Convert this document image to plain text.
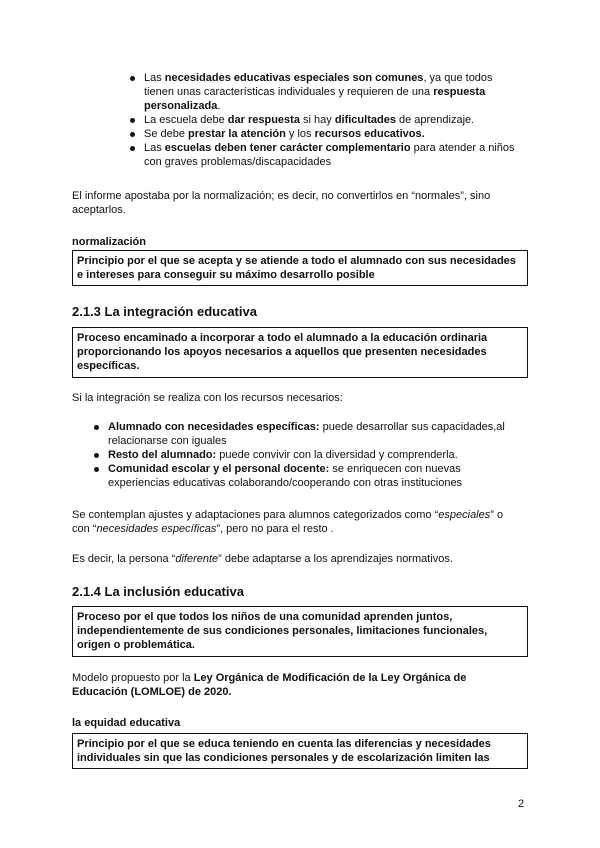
Las necesidades educativas especiales son comunes, ya que todos tienen unas características individuales y requieren de una respuesta personalizada.
La escuela debe dar respuesta si hay dificultades de aprendizaje.
Se debe prestar la atención y los recursos educativos.
Las escuelas deben tener carácter complementario para atender a niños con graves problemas/discapacidades

El informe apostaba por la normalización; es decir, no convertirlos en “normales”, sino aceptarlos.

normalización
Principio por el que se acepta y se atiende a todo el alumnado con sus necesidades e intereses para conseguir su máximo desarrollo posible
2.1.3 La integración educativa
Proceso encaminado a incorporar a todo el alumnado a la educación ordinaria proporcionando los apoyos necesarios a aquellos que presenten necesidades específicas.

Si la integración se realiza con los recursos necesarios:

Alumnado con necesidades específicas: puede desarrollar sus capacidades,al relacionarse con iguales
Resto del alumnado: puede convivir con la diversidad y comprenderla.
Comunidad escolar y el personal docente: se enriquecen con nuevas experiencias educativas colaborando/cooperando con otras instituciones

Se contemplan ajustes y adaptaciones para alumnos categorizados como “especiales” o con “necesidades específicas”, pero no para el resto .

Es decir, la persona “diferente” debe adaptarse a los aprendizajes normativos.

2.1.4 La inclusión educativa
Proceso por el que todos los niños de una comunidad aprenden juntos, independientemente de sus condiciones personales, limitaciones funcionales, origen o problemática.

Modelo propuesto por la Ley Orgánica de Modificación de la Ley Orgánica de Educación (LOMLOE) de 2020.

la equidad educativa
Principio por el que se educa teniendo en cuenta las diferencias y necesidades individuales sin que las condiciones personales y de escolarización limiten las
2
